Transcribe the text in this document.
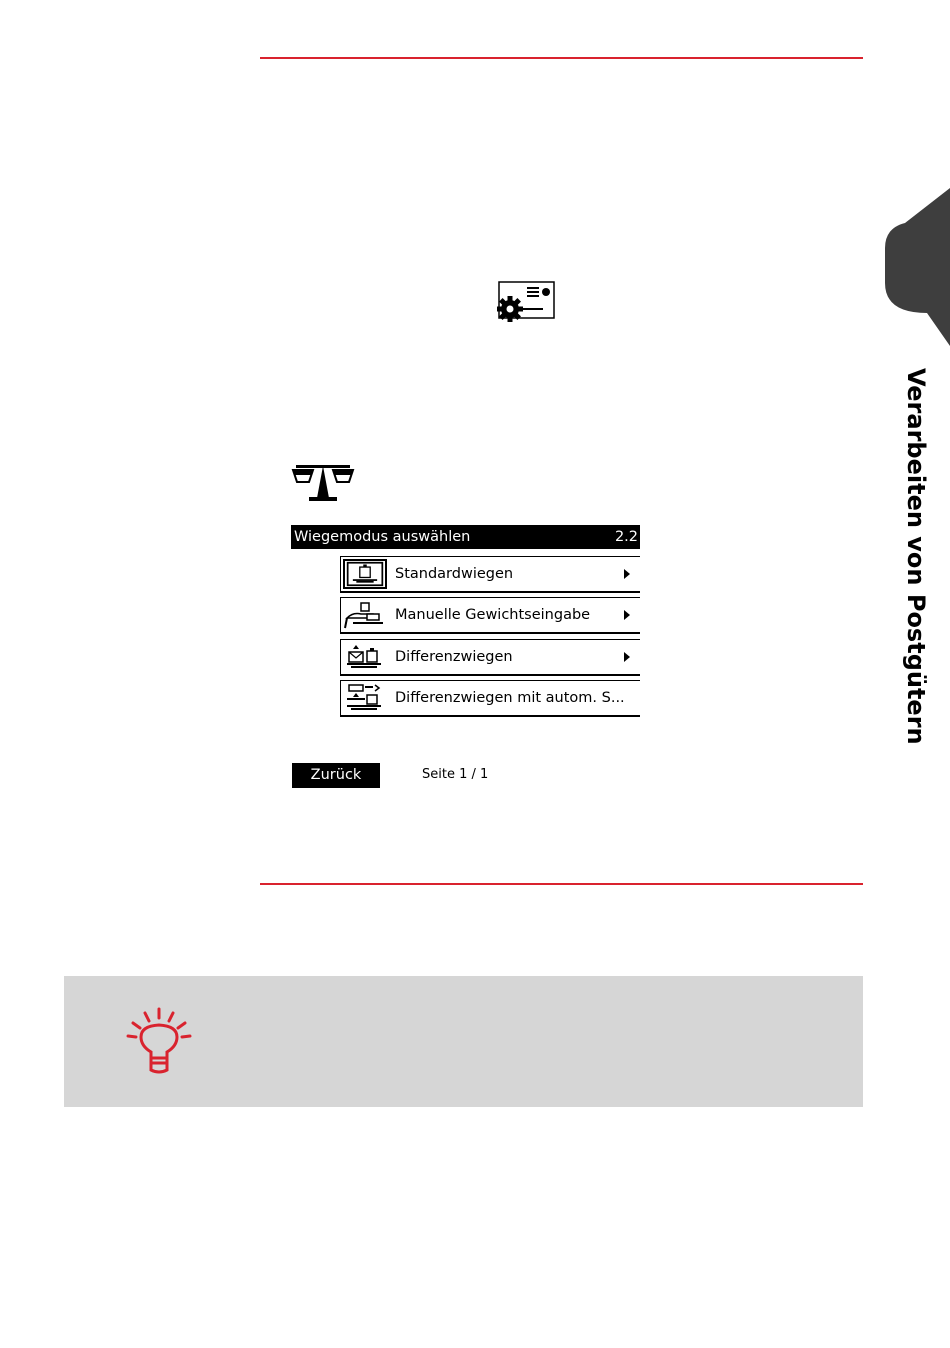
Verarbeiten von Postgütern
Wiegemodus auswählen	2.2
Standardwiegen
Manuelle Gewichtseingabe
Differenzwiegen
Differenzwiegen mit autom. S...
Zurück	Seite 1 / 1
